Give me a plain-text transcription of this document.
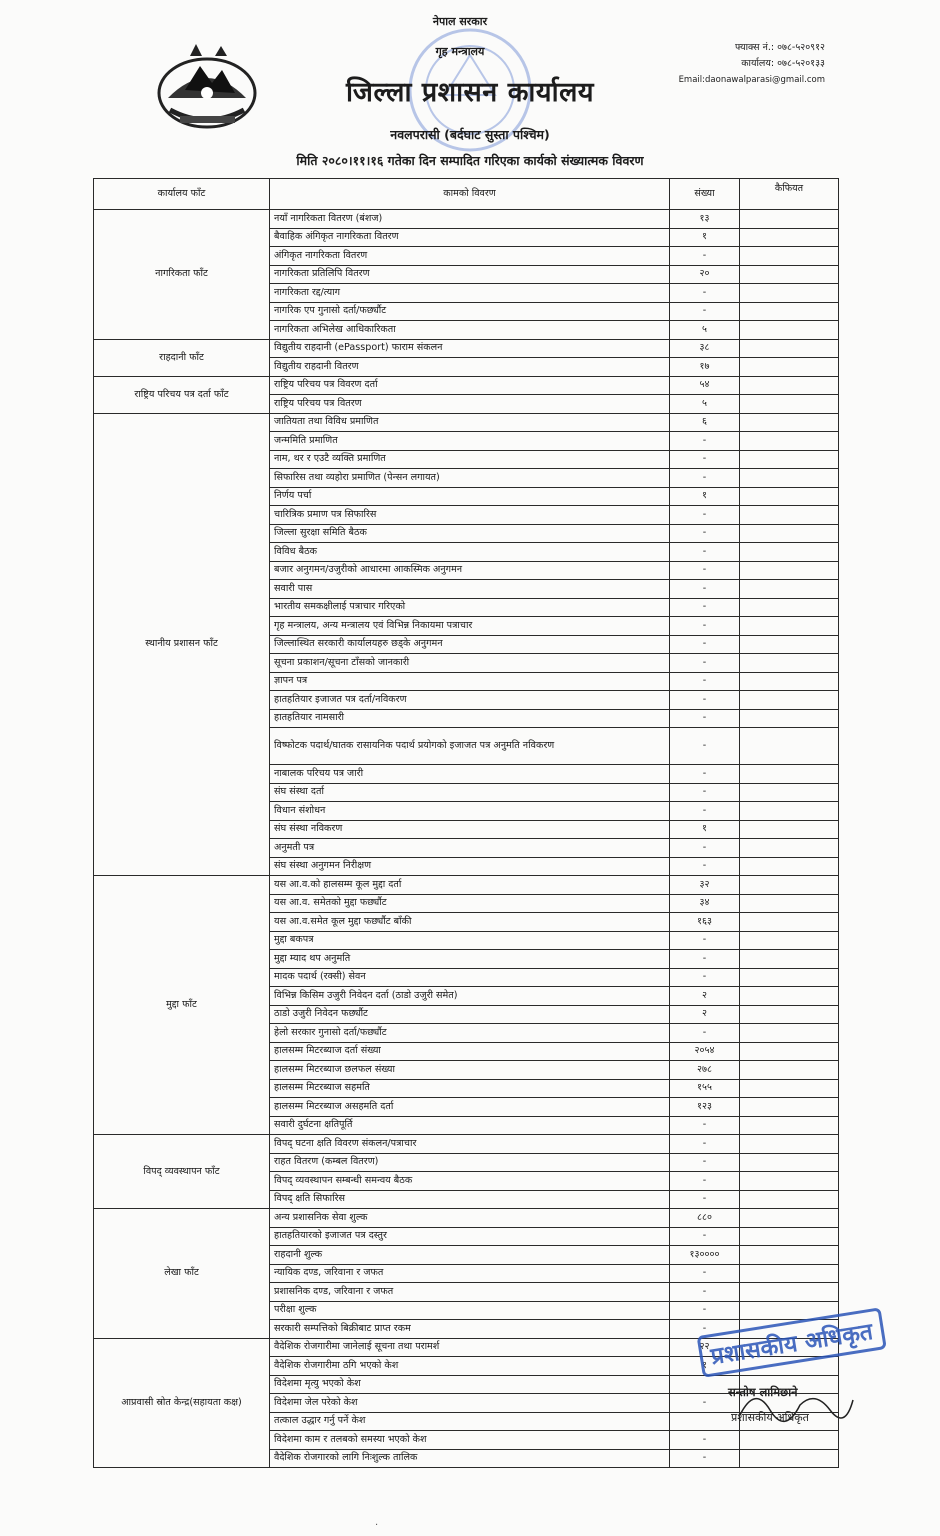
नेपाल सरकार
गृह मन्त्रालय
जिल्ला प्रशासन कार्यालय
नवलपरासी (बर्दघाट सुस्ता पश्चिम)
मिति २०८०।११।१६ गतेका दिन सम्पादित गरिएका कार्यको संख्यात्मक विवरण
फ्याक्स नं.: ०७८-५२०९१२
कार्यालय: ०७८-५२०१३३
Email:daonawalparasi@gmail.com
कार्यालय फाँट	कामको विवरण	संख्या	कैफियत
नागरिकता फाँट	नयाँ नागरिकता वितरण (बंशज)	१३	
	बैवाहिक अंगिकृत नागरिकता वितरण	१	
	अंगिकृत नागरिकता वितरण	-	
	नागरिकता प्रतिलिपि वितरण	२०	
	नागरिकता रद्द/त्याग	-	
	नागरिक एप गुनासो दर्ता/फर्छ्यौट	-	
	नागरिकता अभिलेख आधिकारिकता	५	
राहदानी फाँट	विद्युतीय राहदानी (ePassport) फाराम संकलन	३८	
	विद्युतीय राहदानी वितरण	१७	
राष्ट्रिय परिचय पत्र दर्ता फाँट	राष्ट्रिय परिचय पत्र विवरण दर्ता	५४	
	राष्ट्रिय परिचय पत्र वितरण	५	
स्थानीय प्रशासन फाँट	जातियता तथा विविध प्रमाणित	६	
	जन्ममिति प्रमाणित	-	
	नाम, थर र एउटै व्यक्ति प्रमाणित	-	
	सिफारिस तथा व्यहोरा प्रमाणित (पेन्सन लगायत)	-	
	निर्णय पर्चा	१	
	चारित्रिक प्रमाण पत्र सिफारिस	-	
	जिल्ला सुरक्षा समिति बैठक	-	
	विविध बैठक	-	
	बजार अनुगमन/उजुरीको आधारमा आकस्मिक अनुगमन	-	
	सवारी पास	-	
	भारतीय समकक्षीलाई पत्राचार गरिएको	-	
	गृह मन्त्रालय, अन्य मन्त्रालय एवं विभिन्न निकायमा पत्राचार	-	
	जिल्लास्थित सरकारी कार्यालयहरु छड्के अनुगमन	-	
	सूचना प्रकाशन/सूचना टाँसको जानकारी	-	
	ज्ञापन पत्र	-	
	हातहतियार इजाजत पत्र दर्ता/नविकरण	-	
	हातहतियार नामसारी	-	
	विष्फोटक पदार्थ/घातक रासायनिक पदार्थ प्रयोगको इजाजत पत्र अनुमति नविकरण	-	
	नाबालक परिचय पत्र जारी	-	
	संघ संस्था दर्ता	-	
	विधान संशोधन	-	
	संघ संस्था नविकरण	१	
	अनुमती पत्र	-	
	संघ संस्था अनुगमन निरीक्षण	-	
मुद्दा फाँट	यस आ.व.को हालसम्म कूल मुद्दा दर्ता	३२	
	यस आ.व. समेतको मुद्दा फर्छ्यौट	३४	
	यस आ.व.समेत कूल मुद्दा फर्छ्यौट बाँकी	१६३	
	मुद्दा बकपत्र	-	
	मुद्दा म्याद थप अनुमति	-	
	मादक पदार्थ (रक्सी) सेवन	-	
	विभिन्न किसिम उजुरी निवेदन दर्ता (ठाडो उजुरी समेत)	२	
	ठाडो उजुरी निवेदन फर्छ्यौट	२	
	हेलो सरकार गुनासो दर्ता/फर्छ्यौट	-	
	हालसम्म मिटरब्याज दर्ता संख्या	२०५४	
	हालसम्म मिटरब्याज छलफल संख्या	२७८	
	हालसम्म मिटरब्याज सहमति	१५५	
	हालसम्म मिटरब्याज असहमति दर्ता	१२३	
	सवारी दुर्घटना क्षतिपूर्ति	-	
विपद् व्यवस्थापन फाँट	विपद् घटना क्षति विवरण संकलन/पत्राचार	-	
	राहत वितरण (कम्बल वितरण)	-	
	विपद् व्यवस्थापन सम्बन्धी समन्वय बैठक	-	
	विपद् क्षति सिफारिस	-	
लेखा फाँट	अन्य प्रशासनिक सेवा शुल्क	८८०	
	हातहतियारको इजाजत पत्र दस्तुर	-	
	राहदानी शुल्क	१३००००	
	न्यायिक दण्ड, जरिवाना र जफत	-	
	प्रशासनिक दण्ड, जरिवाना र जफत	-	
	परीक्षा शुल्क	-	
	सरकारी सम्पत्तिको बिक्रीबाट प्राप्त रकम	-	
आप्रवासी स्रोत केन्द्र(सहायता कक्ष)	वैदेशिक रोजगारीमा जानेलाई सूचना तथा परामर्श	२२	
	वैदेशिक रोजगारीमा ठगि भएको केश	१	
	विदेशमा मृत्यु भएको केश		
	विदेशमा जेल परेको केश	-	
	तत्काल उद्धार गर्नु पर्ने केश		
	विदेशमा काम र तलबको समस्या भएको केश	-	
	वैदेशिक रोजगारको लागि निःशुल्क तालिक	-	
प्रशासकीय अधिकृत
सन्तोष लामिछाने
प्रशासकीय अधिकृत
·
